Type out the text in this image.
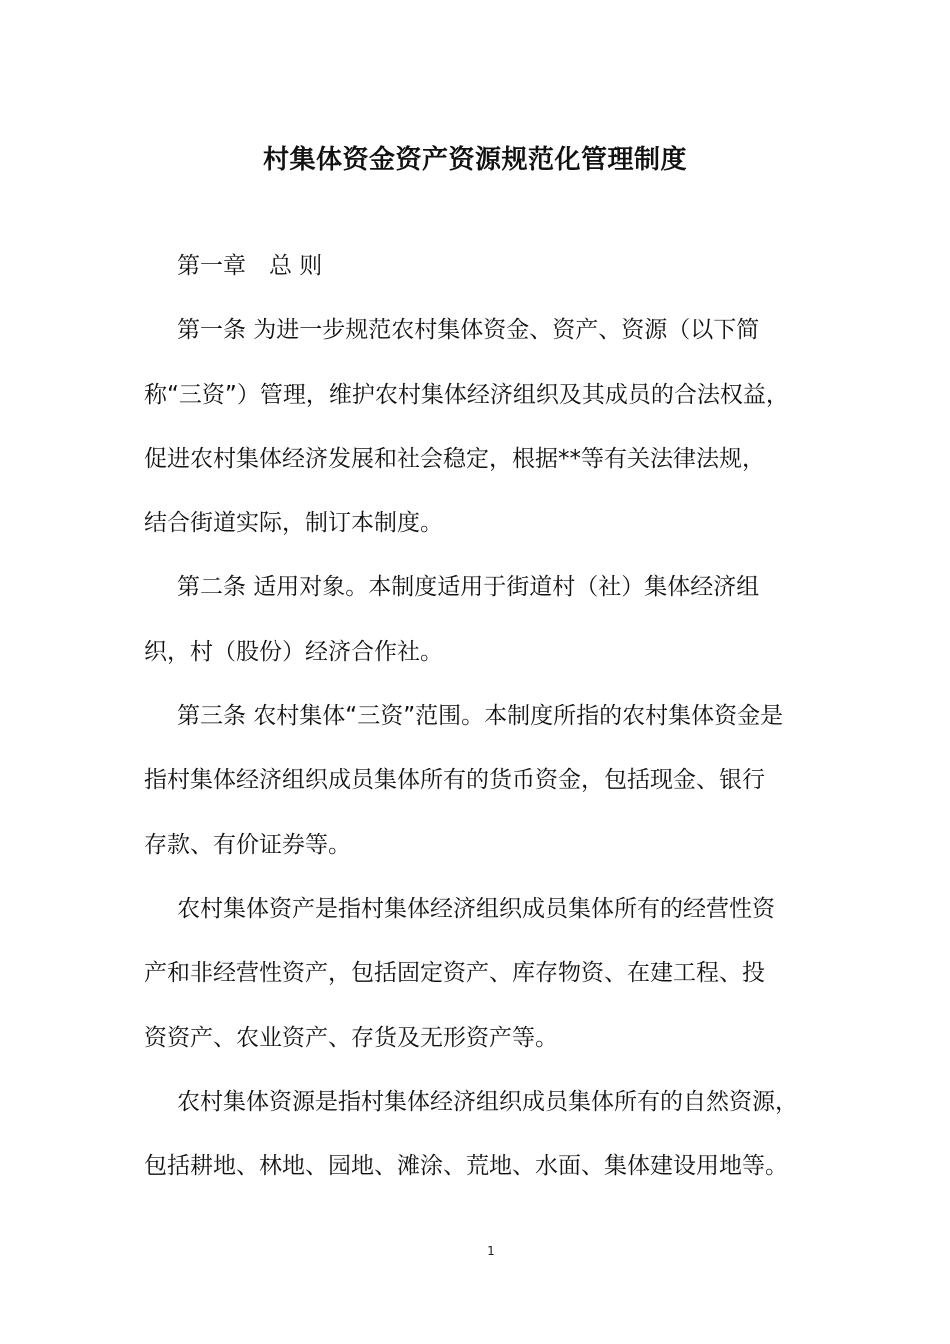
村集体资金资产资源规范化管理制度
第一章　总 则
第一条 为进一步规范农村集体资金、资产、资源（以下简
称“三资”）管理，维护农村集体经济组织及其成员的合法权益，
促进农村集体经济发展和社会稳定，根据**等有关法律法规，
结合街道实际，制订本制度。
第二条 适用对象。本制度适用于街道村（社）集体经济组
织，村（股份）经济合作社。
第三条 农村集体“三资”范围。本制度所指的农村集体资金是
指村集体经济组织成员集体所有的货币资金，包括现金、银行
存款、有价证券等。
农村集体资产是指村集体经济组织成员集体所有的经营性资
产和非经营性资产，包括固定资产、库存物资、在建工程、投
资资产、农业资产、存货及无形资产等。
农村集体资源是指村集体经济组织成员集体所有的自然资源，
包括耕地、林地、园地、滩涂、荒地、水面、集体建设用地等。
1
